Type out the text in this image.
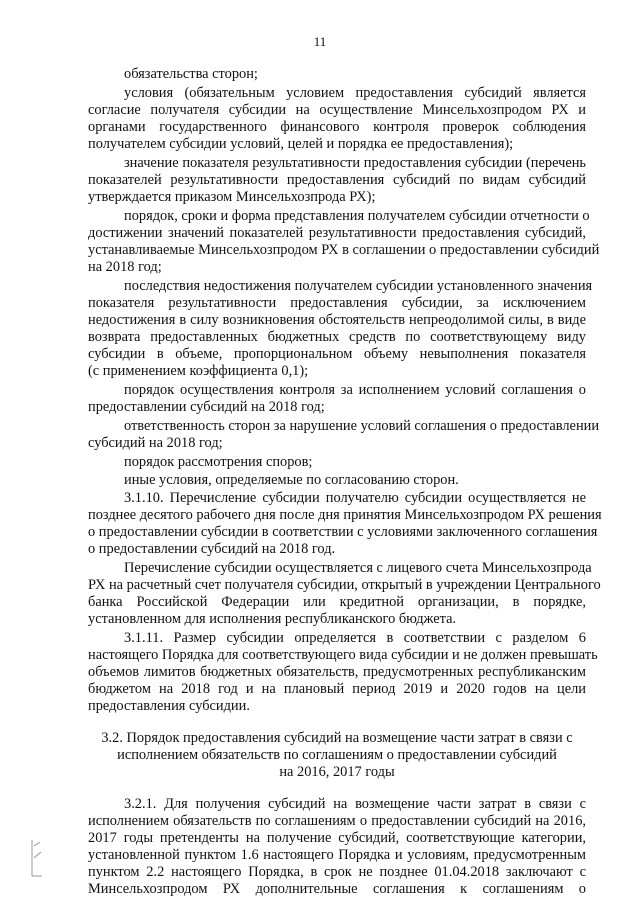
11
обязательства сторон;
условия (обязательным условием предоставления субсидий является
согласие получателя субсидии на осуществление Минсельхозпродом РХ и
органами государственного финансового контроля проверок соблюдения
получателем субсидии условий, целей и порядка ее предоставления);
значение показателя результативности предоставления субсидии (перечень
показателей результативности предоставления субсидий по видам субсидий
утверждается приказом Минсельхозпрода РХ);
порядок, сроки и форма представления получателем субсидии отчетности о
достижении значений показателей результативности предоставления субсидий,
устанавливаемые Минсельхозпродом РХ в соглашении о предоставлении субсидий
на 2018 год;
последствия недостижения получателем субсидии установленного значения
показателя результативности предоставления субсидии, за исключением
недостижения в силу возникновения обстоятельств непреодолимой силы, в виде
возврата предоставленных бюджетных средств по соответствующему виду
субсидии в объеме, пропорциональном объему невыполнения показателя
(с применением коэффициента 0,1);
порядок осуществления контроля за исполнением условий соглашения о
предоставлении субсидий на 2018 год;
ответственность сторон за нарушение условий соглашения о предоставлении
субсидий на 2018 год;
порядок рассмотрения споров;
иные условия, определяемые по согласованию сторон.
3.1.10. Перечисление субсидии получателю субсидии осуществляется не
позднее десятого рабочего дня после дня принятия Минсельхозпродом РХ решения
о предоставлении субсидии в соответствии с условиями заключенного соглашения
о предоставлении субсидий на 2018 год.
Перечисление субсидии осуществляется с лицевого счета Минсельхозпрода
РХ на расчетный счет получателя субсидии, открытый в учреждении Центрального
банка Российской Федерации или кредитной организации, в порядке,
установленном для исполнения республиканского бюджета.
3.1.11. Размер субсидии определяется в соответствии с разделом 6
настоящего Порядка для соответствующего вида субсидии и не должен превышать
объемов лимитов бюджетных обязательств, предусмотренных республиканским
бюджетом на 2018 год и на плановый период 2019 и 2020 годов на цели
предоставления субсидии.
3.2. Порядок предоставления субсидий на возмещение части затрат в связи с
исполнением обязательств по соглашениям о предоставлении субсидий
на 2016, 2017 годы
3.2.1. Для получения субсидий на возмещение части затрат в связи с
исполнением обязательств по соглашениям о предоставлении субсидий на 2016,
2017 годы претенденты на получение субсидий, соответствующие категории,
установленной пунктом 1.6 настоящего Порядка и условиям, предусмотренным
пунктом 2.2 настоящего Порядка, в срок не позднее 01.04.2018 заключают с
Минсельхозпродом РХ дополнительные соглашения к соглашениям о
